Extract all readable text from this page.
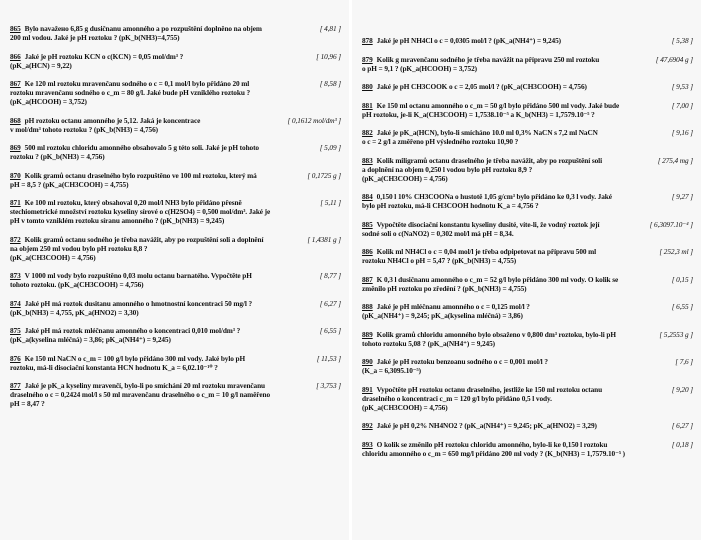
[ 4,81 ]
865 Bylo navažено 6,85 g dusičnanu amonného a po rozpuštění doplněno na objem
200 ml vodou. Jaké je pH roztoku ? (pK_b(NH3)=4,755)
[ 10,96 ]
866 Jaké je pH roztoku KCN o c(KCN) = 0,05 mol/dm³ ?
(pK_a(HCN) = 9,22)
[ 8,58 ]
867 Ke 120 ml roztoku mravenčanu sodného o c = 0,1 mol/l bylo přidáno 20 ml
roztoku mravenčanu sodného o c_m = 80 g/l. Jaké bude pH vzniklého roztoku ?
(pK_a(HCOOH) = 3,752)
[ 0,1612 mol/dm³ ]
868 pH roztoku octanu amonného je 5,12. Jaká je koncentrace
v mol/dm³ tohoto roztoku ? (pK_b(NH3) = 4,756)
[ 5,09 ]
869 500 ml roztoku chloridu amonného obsahovalo 5 g této soli. Jaké je pH tohoto
roztoku ? (pK_b(NH3) = 4,756)
[ 0,1725 g ]
870 Kolik gramů octanu draselného bylo rozpuštěno ve 100 ml roztoku, který má
pH = 8,5 ? (pK_a(CH3COOH) = 4,755)
[ 5,11 ]
871 Ke 100 ml roztoku, který obsahoval 0,20 mol/l NH3 bylo přidáno přesně
stechiometrické množství roztoku kyseliny sírové o c(H2SO4) = 0,500 mol/dm³. Jaké je
pH v tomto vzniklém roztoku síranu amonného ? (pK_b(NH3) = 9,245)
[ 1,4381 g ]
872 Kolik gramů octanu sodného je třeba navážit, aby po rozpuštění soli a doplnění
na objem 250 ml vodou bylo pH roztoku 8,8 ?
(pK_a(CH3COOH) = 4,756)
[ 8,77 ]
873 V 1000 ml vody bylo rozpuštěno 0,03 molu octanu barnatého. Vypočtěte pH
tohoto roztoku. (pK_a(CH3COOH) = 4,756)
[ 6,27 ]
874 Jaké pH má roztok dusitanu amonného o hmotnostní koncentraci 50 mg/l ?
(pK_b(NH3) = 4,755, pK_a(HNO2) = 3,30)
[ 6,55 ]
875 Jaké pH má roztok mléčnanu amonného o koncentraci 0,010 mol/dm³ ?
(pK_a(kyselina mléčná) = 3,86; pK_a(NH4⁺) = 9,245)
[ 11,53 ]
876 Ke 150 ml NaCN o c_m = 100 g/l bylo přidáno 300 ml vody. Jaké bylo pH
roztoku, má-li disociační konstanta HCN hodnotu K_a = 6,02.10⁻¹⁰ ?
[ 3,753 ]
877 Jaké je pK_a kyseliny mravenčí, bylo-li po smíchání 20 ml roztoku mravenčanu
draselného o c = 0,2424 mol/l s 50 ml mravenčanu draselného o c_m = 10 g/l naměřeno
pH = 8,47 ?
[ 5,38 ]
878 Jaké je pH NH4Cl o c = 0,0305 mol/l ? (pK_a(NH4⁺) = 9,245)
[ 47,6904 g ]
879 Kolik g mravenčanu sodného je třeba navážit na přípravu 250 ml roztoku
o pH = 9,1 ? (pK_a(HCOOH) = 3,752)
[ 9,53 ]
880 Jaké je pH CH3COOK o c = 2,05 mol/l ? (pK_a(CH3COOH) = 4,756)
[ 7,00 ]
881 Ke 150 ml octanu amonného o c_m = 50 g/l bylo přidáno 500 ml vody. Jaké bude
pH roztoku, je-li K_a(CH3COOH) = 1,7538.10⁻⁵ a K_b(NH3) = 1,7579.10⁻⁵ ?
[ 9,16 ]
882 Jaké je pK_a(HCN), bylo-li smícháno 10.0 ml 0,3% NaCN s 7,2 ml NaCN
o c = 2 g/l a změřeno pH výsledného roztoku 10,90 ?
[ 275,4 mg ]
883 Kolik miligramů octanu draselného je třeba navážit, aby po rozpuštění soli
a doplnění na objem 0,250 l vodou bylo pH roztoku 8,9 ?
(pK_a(CH3COOH) = 4,756)
[ 9,27 ]
884 0,150 l 10% CH3COONa o hustotě 1,05 g/cm³ bylo přidáno ke 0,3 l vody. Jaké
bylo pH roztoku, má-li CH3COOH hodnotu K_a = 4,756 ?
[ 6,3097.10⁻⁴ ]
885 Vypočtěte disociační konstantu kyseliny dusité, víte-li, že vodný roztok její
sodné soli o c(NaNO2) = 0,302 mol/l má pH = 8,34.
[ 252,3 ml ]
886 Kolik ml NH4Cl o c = 0,04 mol/l je třeba odpipetovat na přípravu 500 ml
roztoku NH4Cl o pH = 5,47 ? (pK_b(NH3) = 4,755)
[ 0,15 ]
887 K 0,3 l dusičnanu amonného o c_m = 52 g/l bylo přidáno 300 ml vody. O kolik se
změnilo pH roztoku po zředění ? (pK_b(NH3) = 4,755)
[ 6,55 ]
888 Jaké je pH mléčnanu amonného o c = 0,125 mol/l ?
(pK_a(NH4⁺) = 9,245; pK_a(kyselina mléčná) = 3,86)
[ 5,2553 g ]
889 Kolik gramů chloridu amonného bylo obsaženo v 0,800 dm³ roztoku, bylo-li pH
tohoto roztoku 5,08 ? (pK_a(NH4⁺) = 9,245)
[ 7,6 ]
890 Jaké je pH roztoku benzoanu sodného o c = 0,001 mol/l ?
(K_a = 6,3095.10⁻⁵)
[ 9,20 ]
891 Vypočtěte pH roztoku octanu draselného, jestliže ke 150 ml roztoku octanu
draselného o koncentraci c_m = 120 g/l bylo přidáno 0,5 l vody.
(pK_a(CH3COOH) = 4,756)
[ 6,27 ]
892 Jaké je pH 0,2% NH4NO2 ? (pK_a(NH4⁺) = 9,245; pK_a(HNO2) = 3,29)
[ 0,18 ]
893 O kolik se změnilo pH roztoku chloridu amonného, bylo-li ke 0,150 l roztoku
chloridu amonného o c_m = 650 mg/l přidáno 200 ml vody ? (K_b(NH3) = 1,7579.10⁻⁵ )
